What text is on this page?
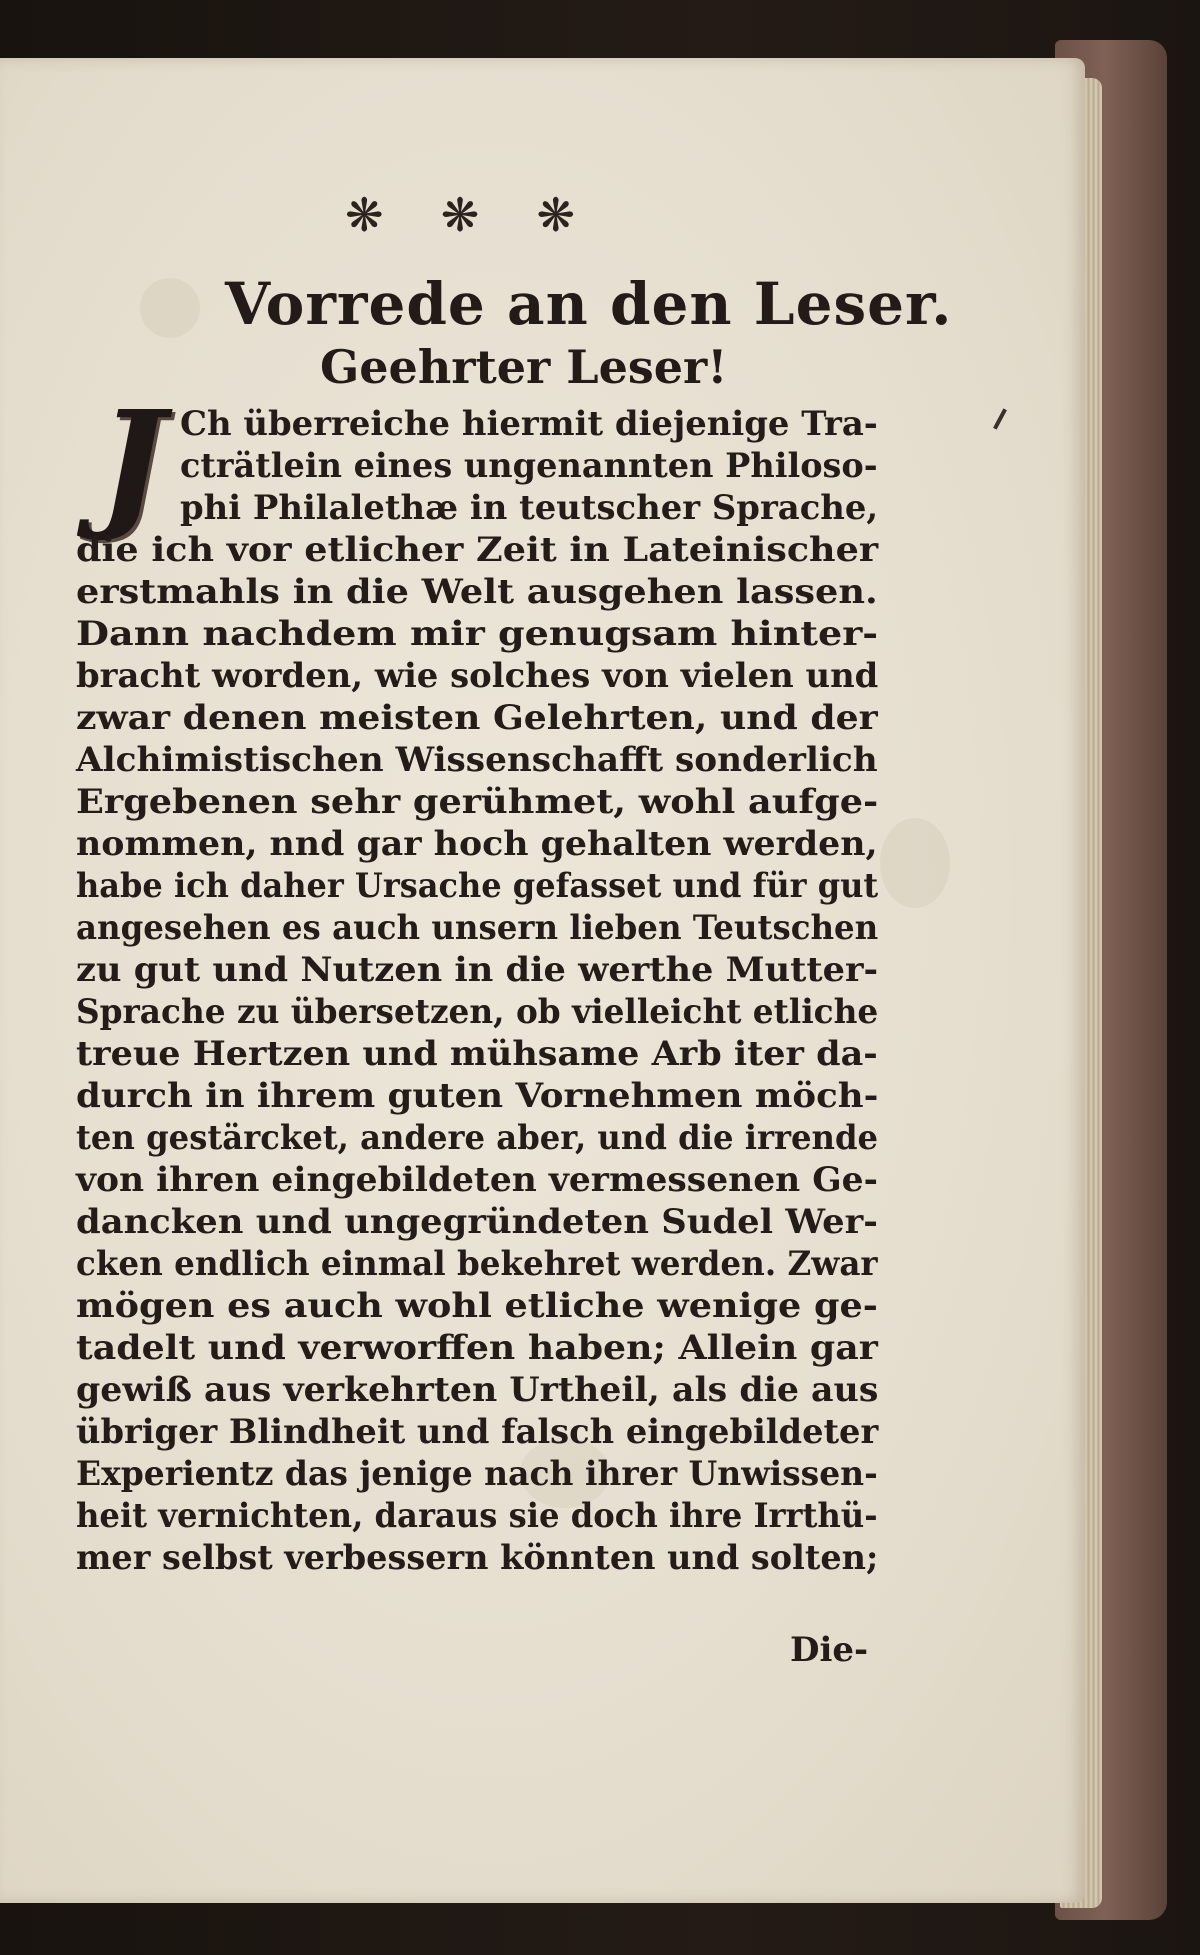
❋ ❋ ❋
Vorrede an den Leser.
Geehrter Leser!
J Ch überreiche hiermit diejenige Tra-
cträtlein eines ungenannten Philoso-
phi Philalethæ in teutscher Sprache,
die ich vor etlicher Zeit in Lateinischer
erstmahls in die Welt ausgehen lassen.
Dann nachdem mir genugsam hinter-
bracht worden, wie solches von vielen und
zwar denen meisten Gelehrten, und der
Alchimistischen Wissenschafft sonderlich
Ergebenen sehr gerühmet, wohl aufge-
nommen, nnd gar hoch gehalten werden,
habe ich daher Ursache gefasset und für gut
angesehen es auch unsern lieben Teutschen
zu gut und Nutzen in die werthe Mutter-
Sprache zu übersetzen, ob vielleicht etliche
treue Hertzen und mühsame Arb iter da-
durch in ihrem guten Vornehmen möch-
ten gestärcket, andere aber, und die irrende
von ihren eingebildeten vermessenen Ge-
dancken und ungegründeten Sudel Wer-
cken endlich einmal bekehret werden. Zwar
mögen es auch wohl etliche wenige ge-
tadelt und verworffen haben; Allein gar
gewiß aus verkehrten Urtheil, als die aus
übriger Blindheit und falsch eingebildeter
Experientz das jenige nach ihrer Unwissen-
heit vernichten, daraus sie doch ihre Irrthü-
mer selbst verbessern könnten und solten;
Die-
